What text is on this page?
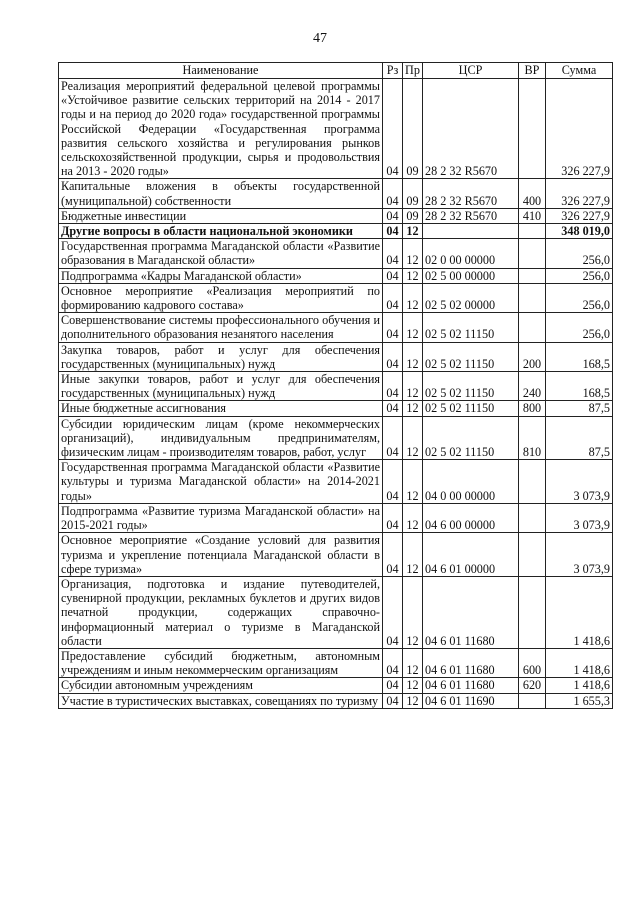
47
Наименование	Рз	Пр	ЦСР	ВР	Сумма
Реализация мероприятий федеральной целевой программы «Устойчивое развитие сельских территорий на 2014 - 2017 годы и на период до 2020 года» государственной программы Российской Федерации «Государственная программа развития сельского хозяйства и регулирования рынков сельскохозяйственной продукции, сырья и продовольствия на 2013 - 2020 годы»	04	09	28 2 32 R5670		326 227,9
Капитальные вложения в объекты государственной (муниципальной) собственности	04	09	28 2 32 R5670	400	326 227,9
Бюджетные инвестиции	04	09	28 2 32 R5670	410	326 227,9
Другие вопросы в области национальной экономики	04	12			348 019,0
Государственная программа Магаданской области «Развитие образования в Магаданской области»	04	12	02 0 00 00000		256,0
Подпрограмма «Кадры Магаданской области»	04	12	02 5 00 00000		256,0
Основное мероприятие «Реализация мероприятий по формированию кадрового состава»	04	12	02 5 02 00000		256,0
Совершенствование системы профессионального обучения и дополнительного образования незанятого населения	04	12	02 5 02 11150		256,0
Закупка товаров, работ и услуг для обеспечения государственных (муниципальных) нужд	04	12	02 5 02 11150	200	168,5
Иные закупки товаров, работ и услуг для обеспечения государственных (муниципальных) нужд	04	12	02 5 02 11150	240	168,5
Иные бюджетные ассигнования	04	12	02 5 02 11150	800	87,5
Субсидии юридическим лицам (кроме некоммерческих организаций), индивидуальным предпринимателям, физическим лицам - производителям товаров, работ, услуг	04	12	02 5 02 11150	810	87,5
Государственная программа Магаданской области «Развитие культуры и туризма Магаданской области» на 2014-2021 годы»	04	12	04 0 00 00000		3 073,9
Подпрограмма «Развитие туризма Магаданской области» на 2015-2021 годы»	04	12	04 6 00 00000		3 073,9
Основное мероприятие «Создание условий для развития туризма и укрепление потенциала Магаданской области в сфере туризма»	04	12	04 6 01 00000		3 073,9
Организация, подготовка и издание путеводителей, сувенирной продукции, рекламных буклетов и других видов печатной продукции, содержащих справочно-информационный материал о туризме в Магаданской области	04	12	04 6 01 11680		1 418,6
Предоставление субсидий бюджетным, автономным учреждениям и иным некоммерческим организациям	04	12	04 6 01 11680	600	1 418,6
Субсидии автономным учреждениям	04	12	04 6 01 11680	620	1 418,6
Участие в туристических выставках, совещаниях по туризму	04	12	04 6 01 11690		1 655,3
